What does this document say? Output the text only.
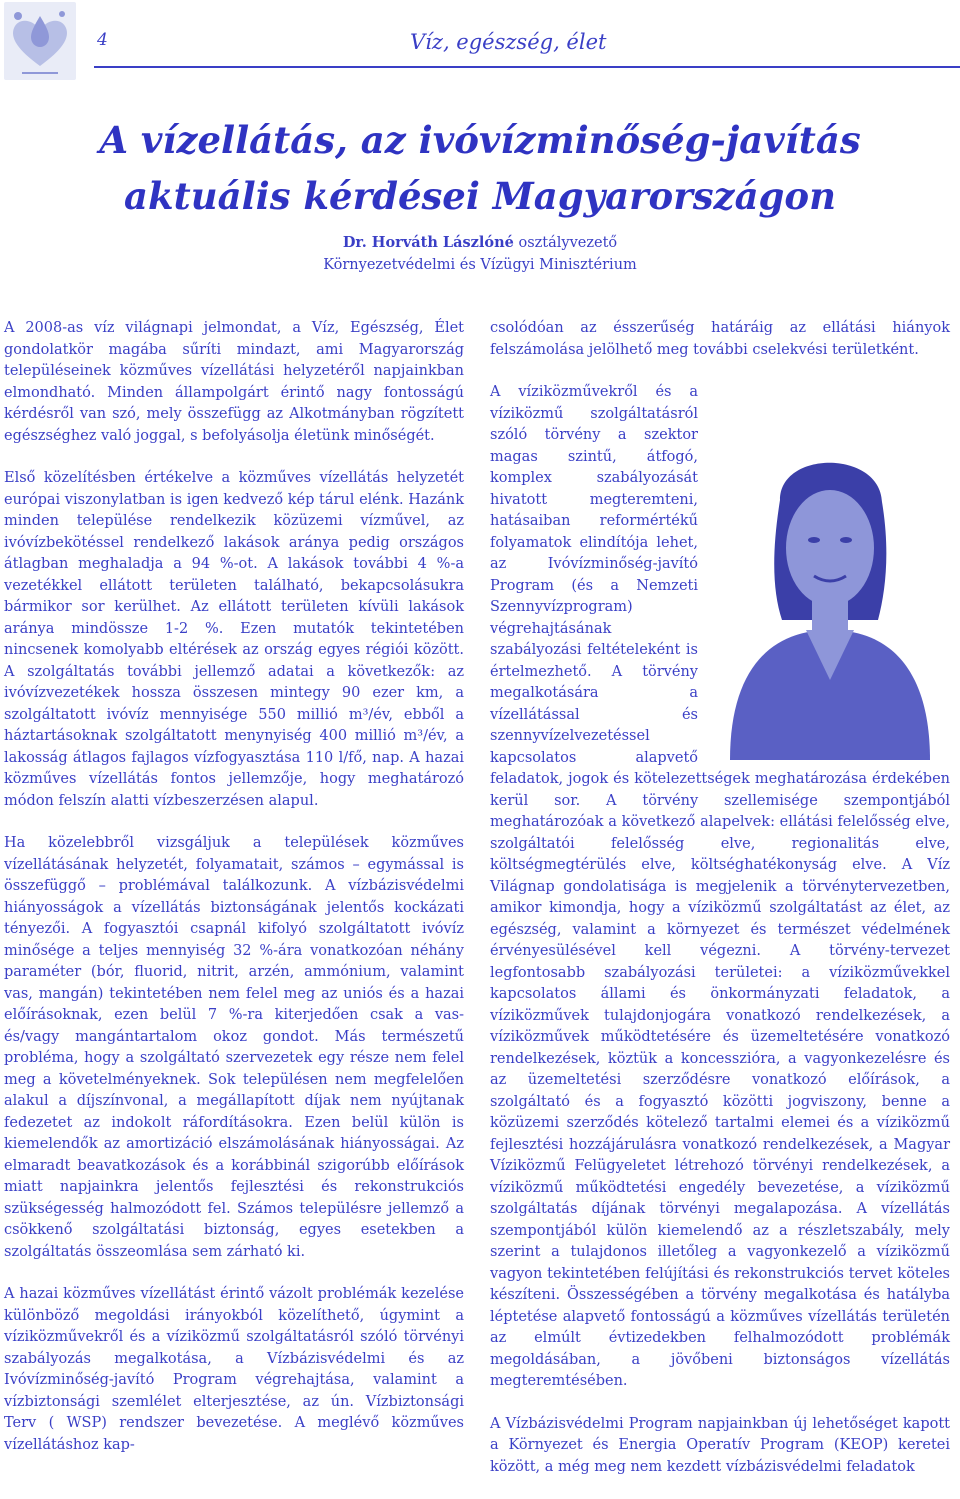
4	Víz, egészség, élet
A vízellátás, az ivóvízminőség-javítás
aktuális kérdései Magyarországon
Dr. Horváth Lászlóné osztályvezető
Környezetvédelmi és Vízügyi Minisztérium

A 2008-as víz világnapi jelmondat, a Víz, Egészség, Élet gondolatkör magába sűríti mindazt, ami Magyarország településeinek közműves vízellátási helyzetéről napjainkban elmondható. Minden állampolgárt érintő nagy fontosságú kérdésről van szó, mely összefügg az Alkotmányban rögzített egészséghez való joggal, s befolyásolja életünk minőségét.

Első közelítésben értékelve a közműves vízellátás helyzetét európai viszonylatban is igen kedvező kép tárul elénk. Hazánk minden települése rendelkezik közüzemi vízművel, az ivóvízbekötéssel rendelkező lakások aránya pedig országos átlagban meghaladja a 94 %-ot. A lakások további 4 %-a vezetékkel ellátott területen található, bekapcsolásukra bármikor sor kerülhet. Az ellátott területen kívüli lakások aránya mindössze 1-2 %. Ezen mutatók tekintetében nincsenek komolyabb eltérések az ország egyes régiói között. A szolgáltatás további jellemző adatai a következők: az ivóvízvezetékek hossza összesen mintegy 90 ezer km, a szolgáltatott ivóvíz mennyisége 550 millió m³/év, ebből a háztartásoknak szolgáltatott menynyiség 400 millió m³/év, a lakosság átlagos fajlagos vízfogyasztása 110 l/fő, nap. A hazai közműves vízellátás fontos jellemzője, hogy meghatározó módon felszín alatti vízbeszerzésen alapul.

Ha közelebbről vizsgáljuk a települések közműves vízellátásának helyzetét, folyamatait, számos – egymással is összefüggő – problémával találkozunk. A vízbázisvédelmi hiányosságok a vízellátás biztonságának jelentős kockázati tényezői. A fogyasztói csapnál kifolyó szolgáltatott ivóvíz minősége a teljes mennyiség 32 %-ára vonatkozóan néhány paraméter (bór, fluorid, nitrit, arzén, ammónium, valamint vas, mangán) tekintetében nem felel meg az uniós és a hazai előírásoknak, ezen belül 7 %-ra kiterjedően csak a vas- és/vagy mangántartalom okoz gondot. Más természetű probléma, hogy a szolgáltató szervezetek egy része nem felel meg a követelményeknek. Sok településen nem megfelelően alakul a díjszínvonal, a megállapított díjak nem nyújtanak fedezetet az indokolt ráfordításokra. Ezen belül külön is kiemelendők az amortizáció elszámolásának hiányosságai. Az elmaradt beavatkozások és a korábbinál szigorúbb előírások miatt napjainkra jelentős fejlesztési és rekonstrukciós szükségesség halmozódott fel. Számos településre jellemző a csökkenő szolgáltatási biztonság, egyes esetekben a szolgáltatás összeomlása sem zárható ki.

A hazai közműves vízellátást érintő vázolt problémák kezelése különböző megoldási irányokból közelíthető, úgymint a víziközművekről és a víziközmű szolgáltatásról szóló törvényi szabályozás megalkotása, a Vízbázisvédelmi és az Ivóvízminőség-javító Program végrehajtása, valamint a vízbiztonsági szemlélet elterjesztése, az ún. Vízbiztonsági Terv ( WSP) rendszer bevezetése. A meglévő közműves vízellátáshoz kap-

csolódóan az ésszerűség határáig az ellátási hiányok felszámolása jelölhető meg további cselekvési területként.

A víziközművekről és a víziközmű szolgáltatásról szóló törvény a szektor magas szintű, átfogó, komplex szabályozását hivatott megteremteni, hatásaiban reformértékű folyamatok elindítója lehet, az Ivóvízminőség-javító Program (és a Nemzeti Szennyvízprogram) végrehajtásának szabályozási feltételeként is értelmezhető. A törvény megalkotására a vízellátással és szennyvízelvezetéssel kapcsolatos alapvető feladatok, jogok és kötelezettségek meghatározása érdekében kerül sor. A törvény szellemisége szempontjából meghatározóak a következő alapelvek: ellátási felelősség elve, szolgáltatói felelősség elve, regionalitás elve, költségmegtérülés elve, költséghatékonyság elve. A Víz Világnap gondolatisága is megjelenik a törvénytervezetben, amikor kimondja, hogy a víziközmű szolgáltatást az élet, az egészség, valamint a környezet és természet védelmének érvényesülésével kell végezni. A törvény-tervezet legfontosabb szabályozási területei: a víziközművekkel kapcsolatos állami és önkormányzati feladatok, a víziközművek tulajdonjogára vonatkozó rendelkezések, a víziközművek működtetésére és üzemeltetésére vonatkozó rendelkezések, köztük a koncesszióra, a vagyonkezelésre és az üzemeltetési szerződésre vonatkozó előírások, a szolgáltató és a fogyasztó közötti jogviszony, benne a közüzemi szerződés kötelező tartalmi elemei és a víziközmű fejlesztési hozzájárulásra vonatkozó rendelkezések, a Magyar Víziközmű Felügyeletet létrehozó törvényi rendelkezések, a víziközmű működtetési engedély bevezetése, a víziközmű szolgáltatás díjának törvényi megalapozása. A vízellátás szempontjából külön kiemelendő az a részletszabály, mely szerint a tulajdonos illetőleg a vagyonkezelő a víziközmű vagyon tekintetében felújítási és rekonstrukciós tervet köteles készíteni. Összességében a törvény megalkotása és hatálybа léptetése alapvető fontosságú a közműves vízellátás területén az elmúlt évtizedekben felhalmozódott problémák megoldásában, a jövőbeni biztonságos vízellátás megteremtésében.

A Vízbázisvédelmi Program napjainkban új lehetőséget kapott a Környezet és Energia Operatív Program (KEOP) keretei között, a még meg nem kezdett vízbázisvédelmi feladatok
